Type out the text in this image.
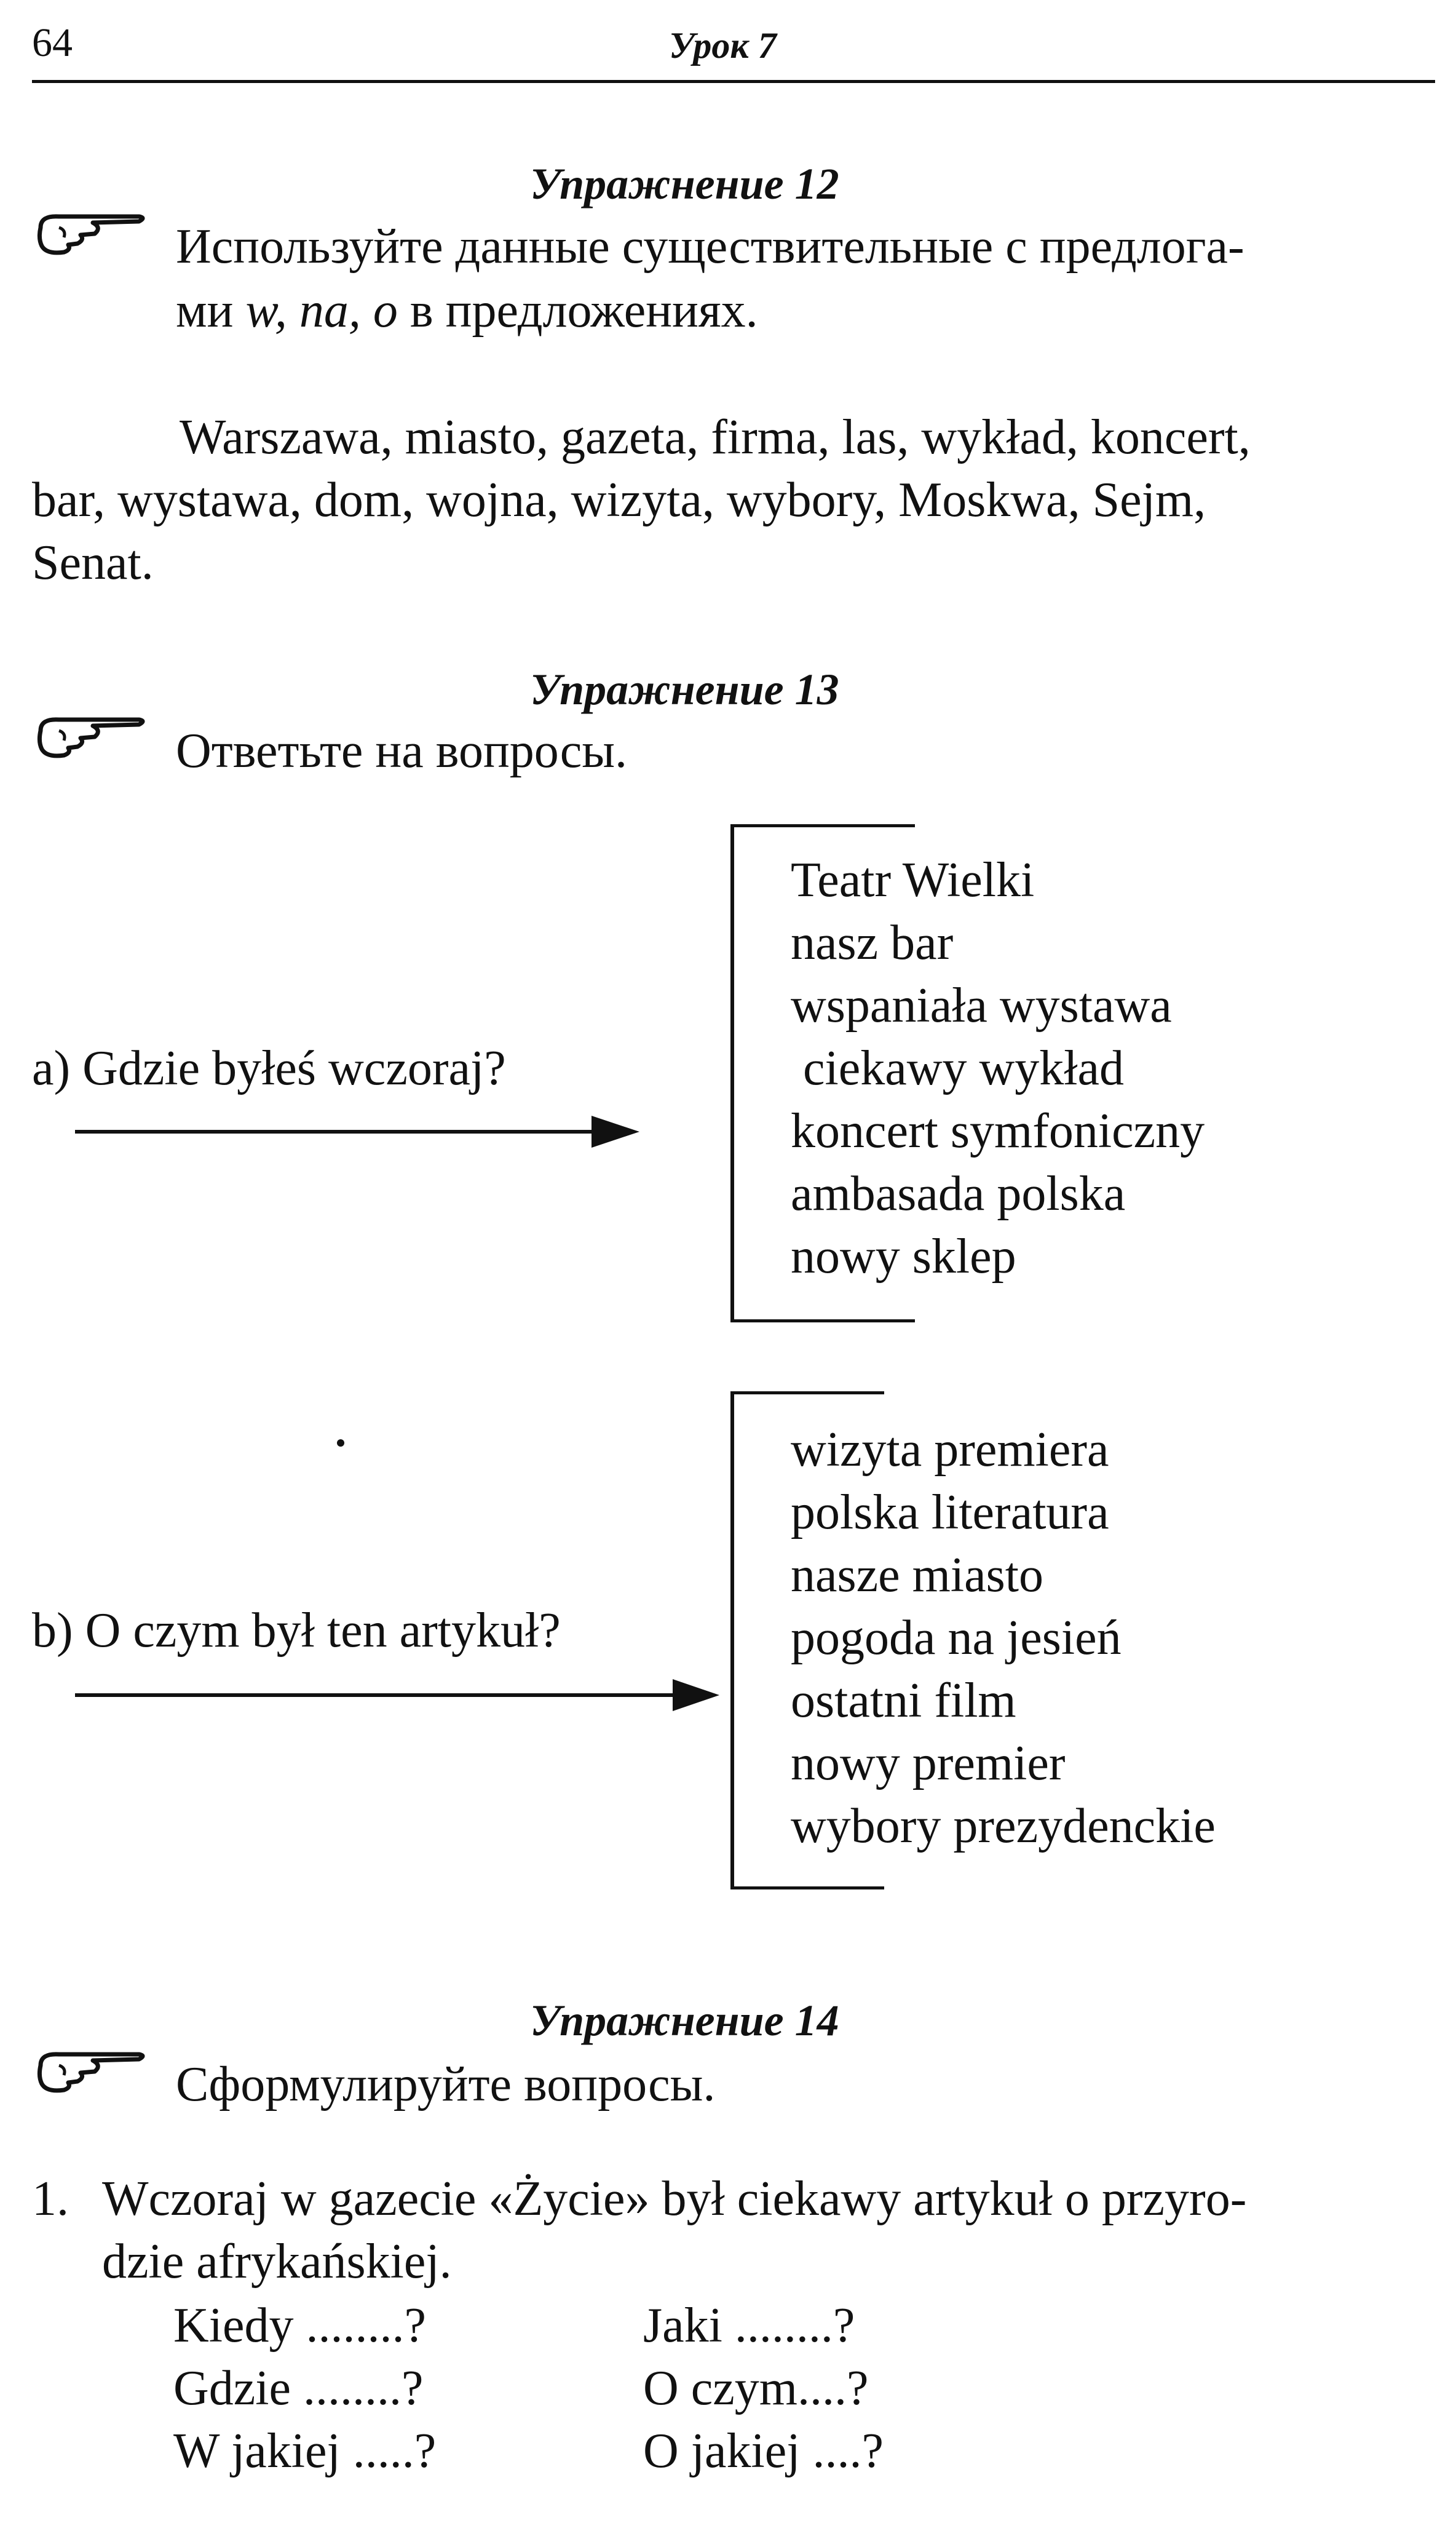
64	Урок 7
Упражнение 12
Используйте данные существительные с предлога-
ми w, na, o в предложениях.
Warszawa, miasto, gazeta, firma, las, wykład, koncert,
bar, wystawa, dom, wojna, wizyta, wybory, Moskwa, Sejm,
Senat.
Упражнение 13
Ответьте на вопросы.
Teatr Wielki
nasz bar
wspaniała wystawa
ciekawy wykład
koncert symfoniczny
ambasada polska
nowy sklep
a) Gdzie byłeś wczoraj?
wizyta premiera
polska literatura
nasze miasto
pogoda na jesień
ostatni film
nowy premier
wybory prezydenckie
b) O czym był ten artykuł?
Упражнение 14
Сформулируйте вопросы.
1. Wczoraj w gazecie «Życie» był ciekawy artykuł o przyro-
dzie afrykańskiej.
Kiedy ........?
Gdzie ........?
W jakiej .....?
Jaki ........?
O czym....?
O jakiej ....?
